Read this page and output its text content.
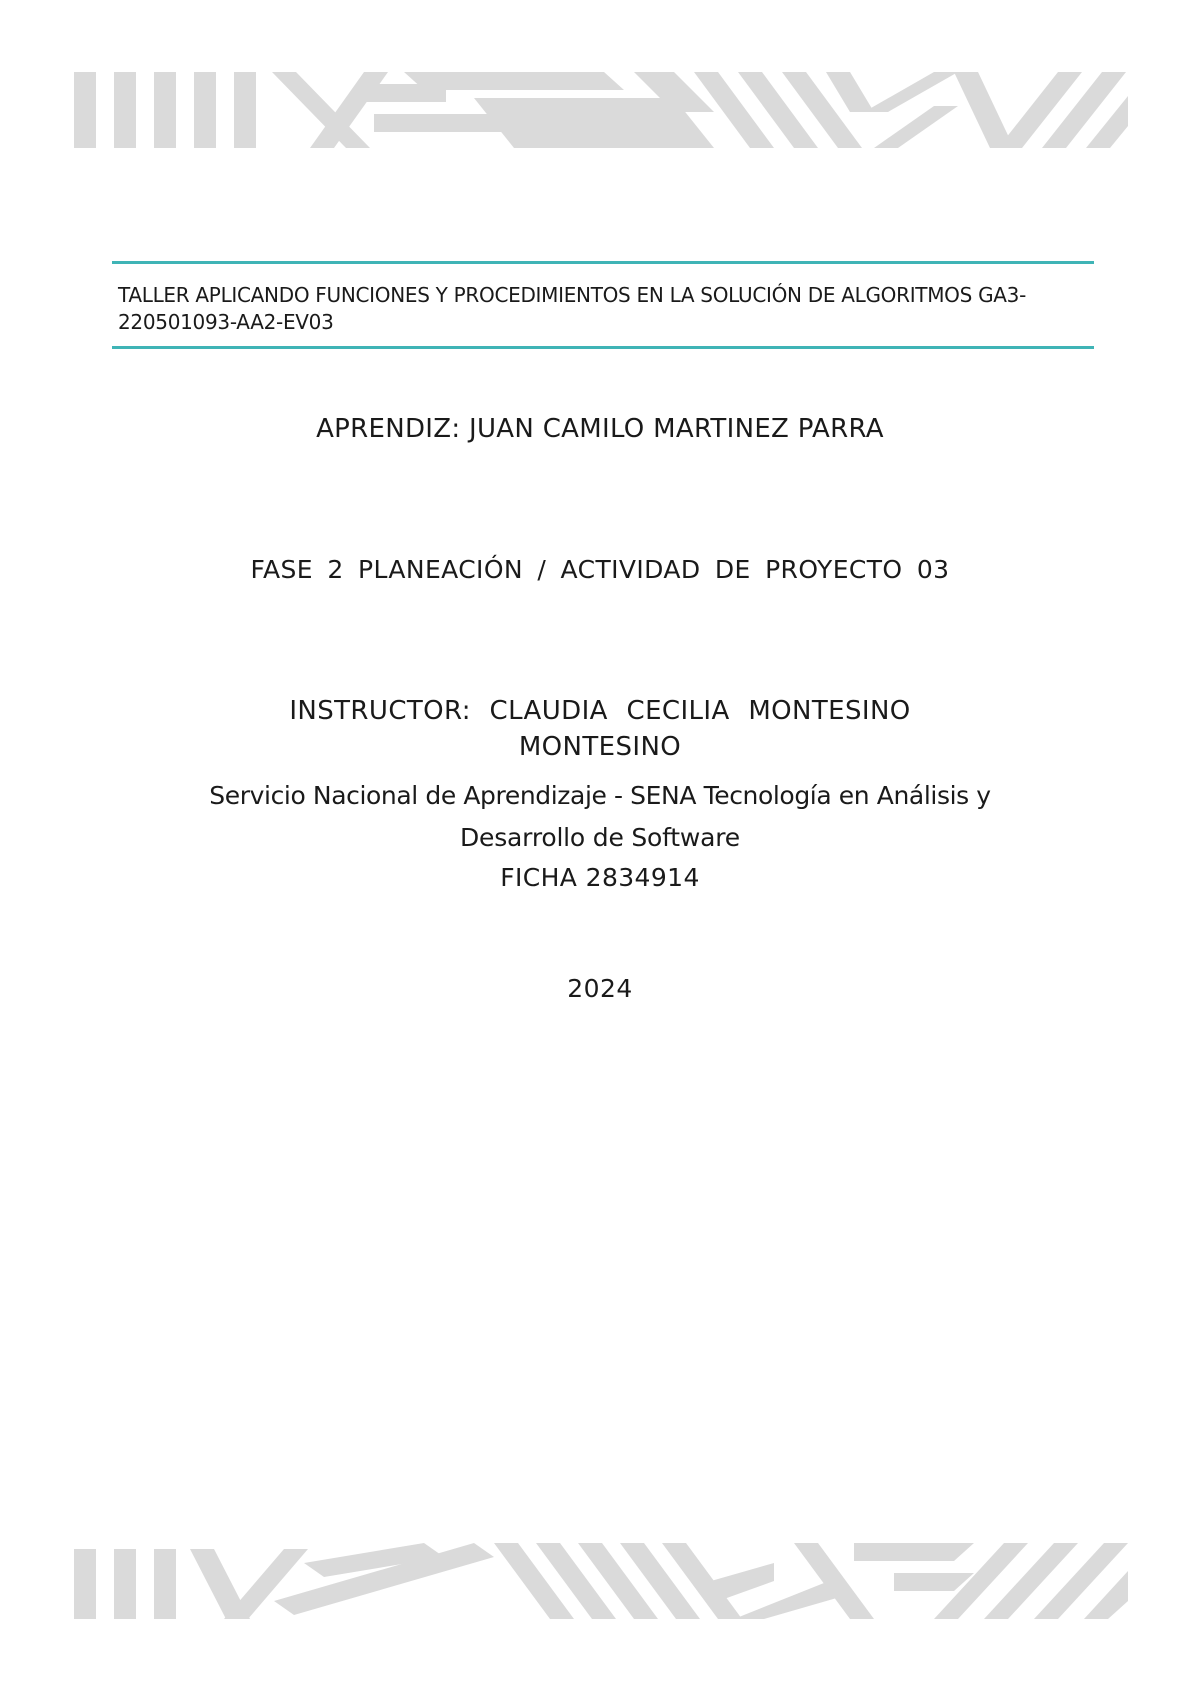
TALLER APLICANDO FUNCIONES Y PROCEDIMIENTOS EN LA SOLUCIÓN DE ALGORITMOS GA3-220501093-AA2-EV03
APRENDIZ: JUAN CAMILO MARTINEZ PARRA
FASE 2 PLANEACIÓN / ACTIVIDAD DE PROYECTO 03
INSTRUCTOR: CLAUDIA CECILIA MONTESINO
MONTESINO
Servicio Nacional de Aprendizaje - SENA Tecnología en Análisis y
Desarrollo de Software
FICHA 2834914
2024
